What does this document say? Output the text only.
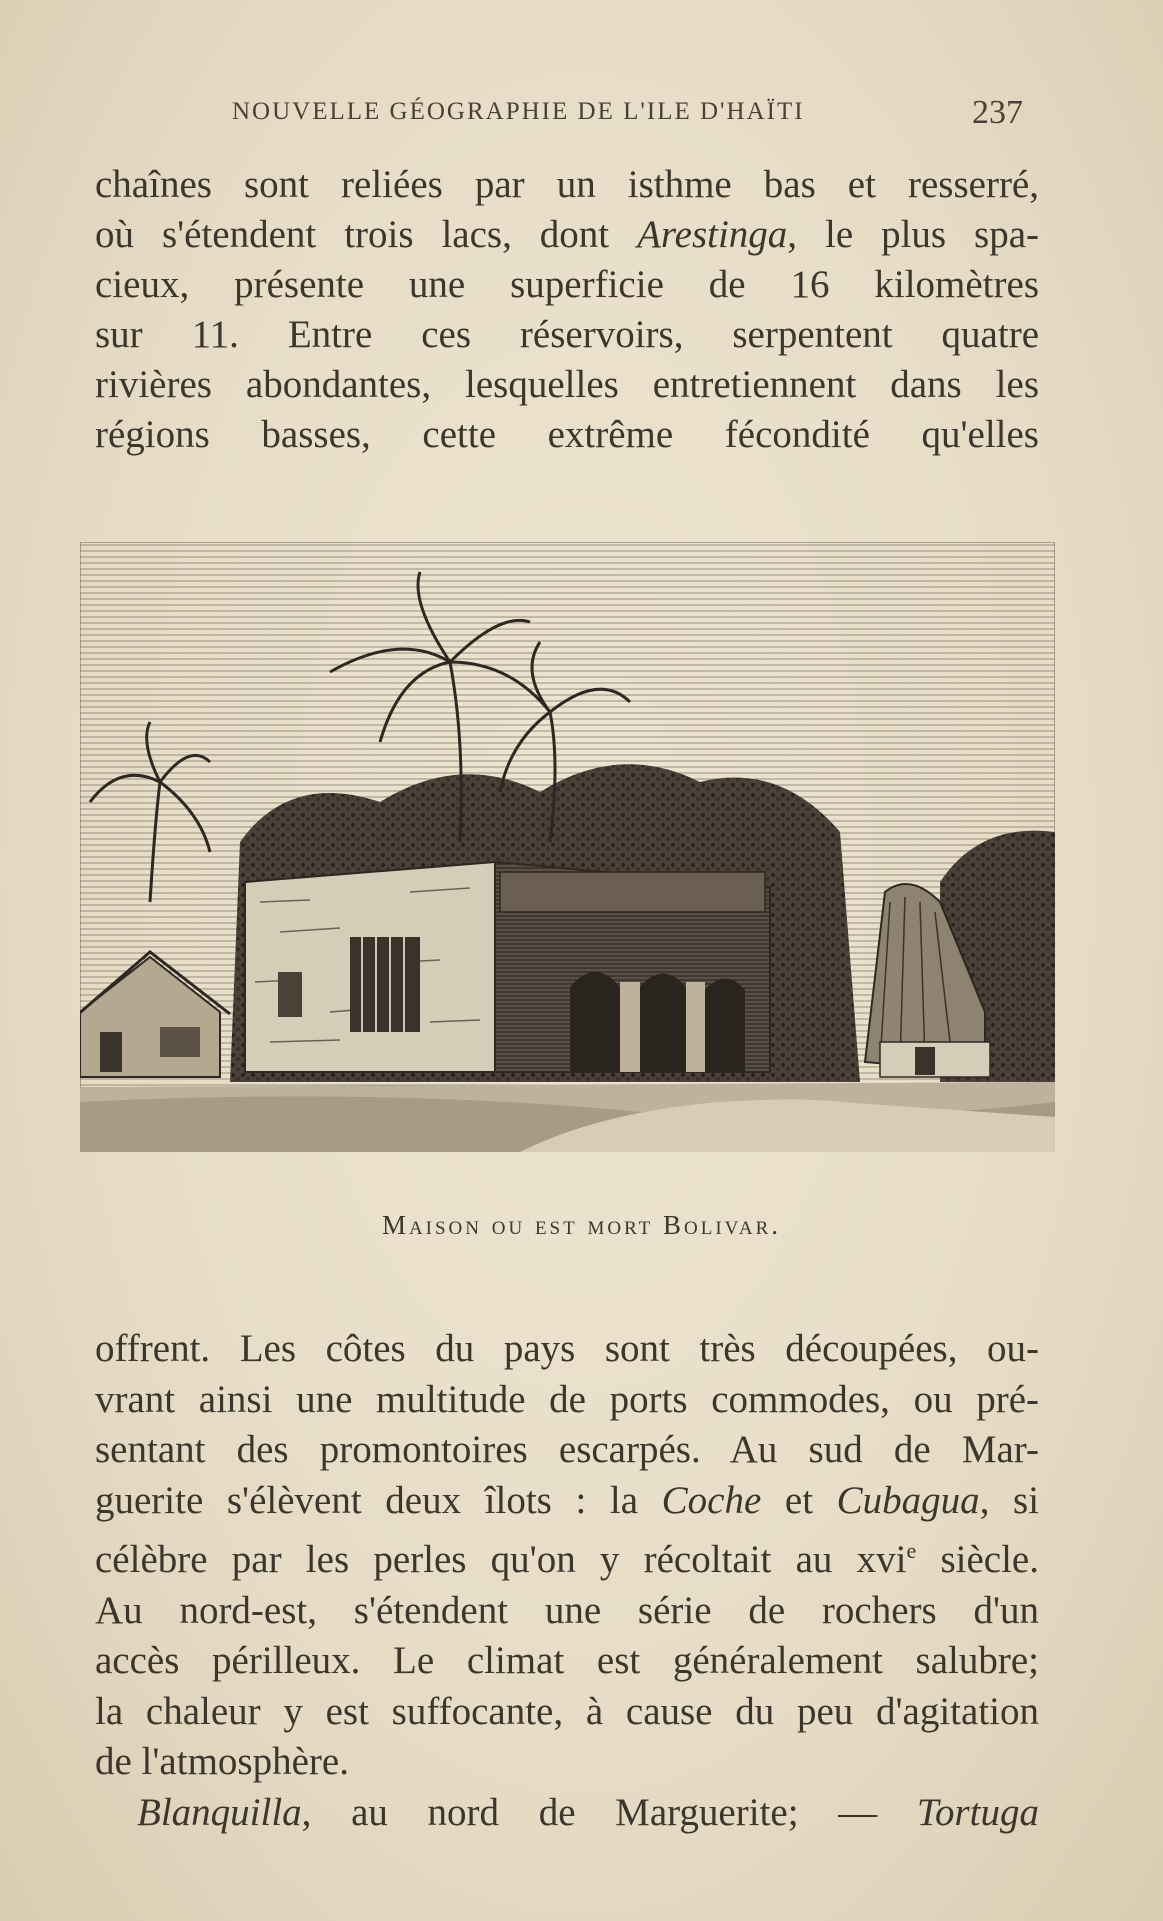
NOUVELLE GÉOGRAPHIE DE L'ILE D'HAÏTI	237
chaînes sont reliées par un isthme bas et resserré,
où s'étendent trois lacs, dont Arestinga, le plus spa-
cieux, présente une superficie de 16 kilomètres
sur 11. Entre ces réservoirs, serpentent quatre
rivières abondantes, lesquelles entretiennent dans les
régions basses, cette extrême fécondité qu'elles
Maison ou est mort Bolivar.
offrent. Les côtes du pays sont très découpées, ou-
vrant ainsi une multitude de ports commodes, ou pré-
sentant des promontoires escarpés. Au sud de Mar-
guerite s'élèvent deux îlots : la Coche et Cubagua, si
célèbre par les perles qu'on y récoltait au xvi$^e$ siècle.
Au nord-est, s'étendent une série de rochers d'un
accès périlleux. Le climat est généralement salubre;
la chaleur y est suffocante, à cause du peu d'agitation
de l'atmosphère.
Blanquilla, au nord de Marguerite; — Tortuga
